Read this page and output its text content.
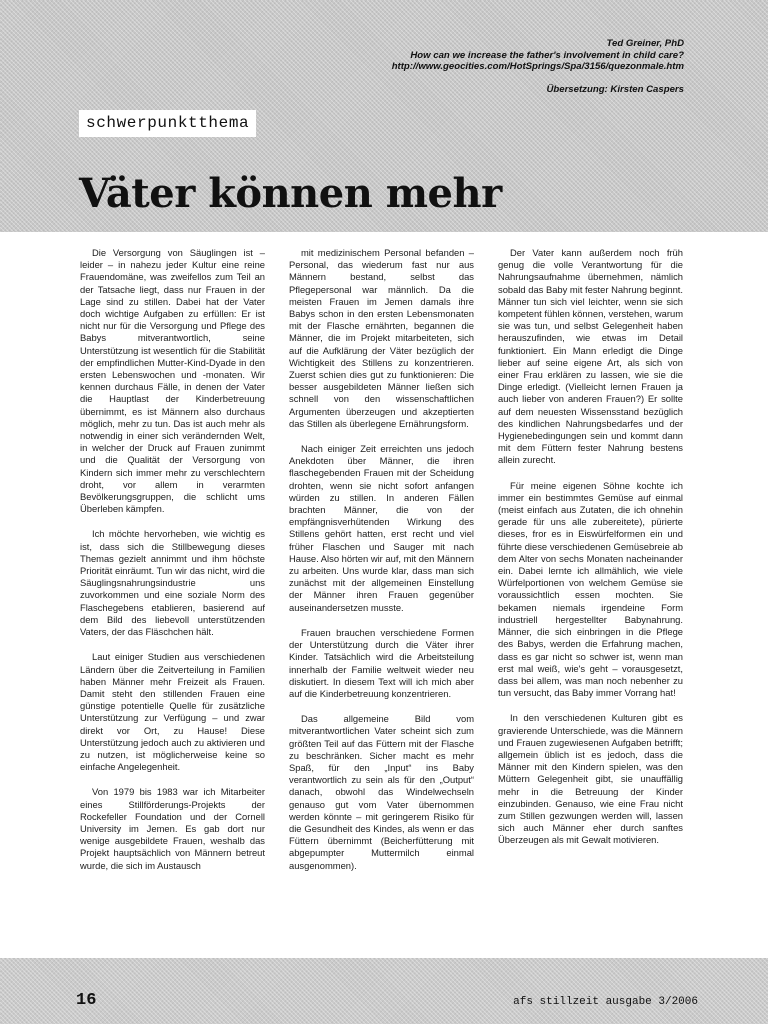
Ted Greiner, PhD
How can we increase the father's involvement in child care?
http://www.geocities.com/HotSprings/Spa/3156/quezonmale.htm
Übersetzung: Kirsten Caspers
schwerpunktthema
Väter können mehr

Die Versorgung von Säuglingen ist – leider – in nahezu jeder Kultur eine reine Frauendomäne, was zweifellos zum Teil an der Tatsache liegt, dass nur Frauen in der Lage sind zu stillen. Dabei hat der Vater doch wichtige Aufgaben zu erfüllen: Er ist nicht nur für die Versorgung und Pflege des Babys mitverantwortlich, seine Unterstützung ist wesentlich für die Stabilität der empfindlichen Mutter-Kind-Dyade in den ersten Lebenswochen und -monaten. Wir kennen durchaus Fälle, in denen der Vater die Hauptlast der Kinderbetreuung übernimmt, es ist Männern also durchaus möglich, mehr zu tun. Das ist auch mehr als notwendig in einer sich verändernden Welt, in welcher der Druck auf Frauen zunimmt und die Qualität der Versorgung von Kindern sich immer mehr zu verschlechtern droht, vor allem in verarmten Bevölkerungsgruppen, die schlicht ums Überleben kämpfen.

Ich möchte hervorheben, wie wichtig es ist, dass sich die Stillbewegung dieses Themas gezielt annimmt und ihm höchste Priorität einräumt. Tun wir das nicht, wird die Säuglingsnahrungsindustrie uns zuvorkommen und eine soziale Norm des Flaschegebens etablieren, basierend auf dem Bild des liebevoll unterstützenden Vaters, der das Fläschchen hält.

Laut einiger Studien aus verschiedenen Ländern über die Zeitverteilung in Familien haben Männer mehr Freizeit als Frauen. Damit steht den stillenden Frauen eine günstige potentielle Quelle für zusätzliche Unterstützung zur Verfügung – und zwar direkt vor Ort, zu Hause! Diese Unterstützung jedoch auch zu aktivieren und zu nutzen, ist möglicherweise keine so einfache Angelegenheit.

Von 1979 bis 1983 war ich Mitarbeiter eines Stillförderungs-Projekts der Rockefeller Foundation und der Cornell University im Jemen. Es gab dort nur wenige ausgebildete Frauen, weshalb das Projekt hauptsächlich von Männern betreut wurde, die sich im Austausch

mit medizinischem Personal befanden – Personal, das wiederum fast nur aus Männern bestand, selbst das Pflegepersonal war männlich. Da die meisten Frauen im Jemen damals ihre Babys schon in den ersten Lebensmonaten mit der Flasche ernährten, begannen die Männer, die im Projekt mitarbeiteten, sich auf die Aufklärung der Väter bezüglich der Wichtigkeit des Stillens zu konzentrieren. Zuerst schien dies gut zu funktionieren: Die besser ausgebildeten Männer ließen sich schnell von den wissenschaftlichen Argumenten überzeugen und akzeptierten das Stillen als überlegene Ernährungsform.

Nach einiger Zeit erreichten uns jedoch Anekdoten über Männer, die ihren flaschegebenden Frauen mit der Scheidung drohten, wenn sie nicht sofort anfangen würden zu stillen. In anderen Fällen brachten Männer, die von der empfängnisverhütenden Wirkung des Stillens gehört hatten, erst recht und viel früher Flaschen und Sauger mit nach Hause. Also hörten wir auf, mit den Männern zu arbeiten. Uns wurde klar, dass man sich zunächst mit der allgemeinen Einstellung der Männer ihren Frauen gegenüber auseinandersetzen musste.

Frauen brauchen verschiedene Formen der Unterstützung durch die Väter ihrer Kinder. Tatsächlich wird die Arbeitsteilung innerhalb der Familie weltweit wieder neu diskutiert. In diesem Text will ich mich aber auf die Kinderbetreuung konzentrieren.

Das allgemeine Bild vom mitverantwortlichen Vater scheint sich zum größten Teil auf das Füttern mit der Flasche zu beschränken. Sicher macht es mehr Spaß, für den „Input“ ins Baby verantwortlich zu sein als für den „Output“ danach, obwohl das Windelwechseln genauso gut vom Vater übernommen werden könnte – mit geringerem Risiko für die Gesundheit des Kindes, als wenn er das Füttern übernimmt (Beicherfütterung mit abgepumpter Muttermilch einmal ausgenommen).

Der Vater kann außerdem noch früh genug die volle Verantwortung für die Nahrungsaufnahme übernehmen, nämlich sobald das Baby mit fester Nahrung beginnt. Männer tun sich viel leichter, wenn sie sich kompetent fühlen können, verstehen, warum sie was tun, und selbst Gelegenheit haben herauszufinden, wie etwas im Detail funktioniert. Ein Mann erledigt die Dinge lieber auf seine eigene Art, als sich von einer Frau erklären zu lassen, wie sie die Dinge erledigt. (Vielleicht lernen Frauen ja auch lieber von anderen Frauen?) Er sollte auf dem neuesten Wissensstand bezüglich des kindlichen Nahrungsbedarfes und der Hygienebedingungen sein und kommt dann mit dem Füttern fester Nahrung bestens allein zurecht.

Für meine eigenen Söhne kochte ich immer ein bestimmtes Gemüse auf einmal (meist einfach aus Zutaten, die ich ohnehin gerade für uns alle zubereitete), pürierte dieses, fror es in Eiswürfelformen ein und führte diese verschiedenen Gemüsebreie ab dem Alter von sechs Monaten nacheinander ein. Dabei lernte ich allmählich, wie viele Würfelportionen von welchem Gemüse sie voraussichtlich essen mochten. Sie bekamen niemals irgendeine Form industriell hergestellter Babynahrung. Männer, die sich einbringen in die Pflege des Babys, werden die Erfahrung machen, dass es gar nicht so schwer ist, wenn man erst mal weiß, wie's geht – vorausgesetzt, dass bei allem, was man noch nebenher zu tun versucht, das Baby immer Vorrang hat!

In den verschiedenen Kulturen gibt es gravierende Unterschiede, was die Männern und Frauen zugewiesenen Aufgaben betrifft; allgemein üblich ist es jedoch, dass die Männer mit den Kindern spielen, was den Müttern Gelegenheit gibt, sie unauffällig mehr in die Betreuung der Kinder einzubinden. Genauso, wie eine Frau nicht zum Stillen gezwungen werden will, lassen sich auch Männer eher durch sanftes Überzeugen als mit Gewalt motivieren.

16	afs stillzeit ausgabe 3/2006
